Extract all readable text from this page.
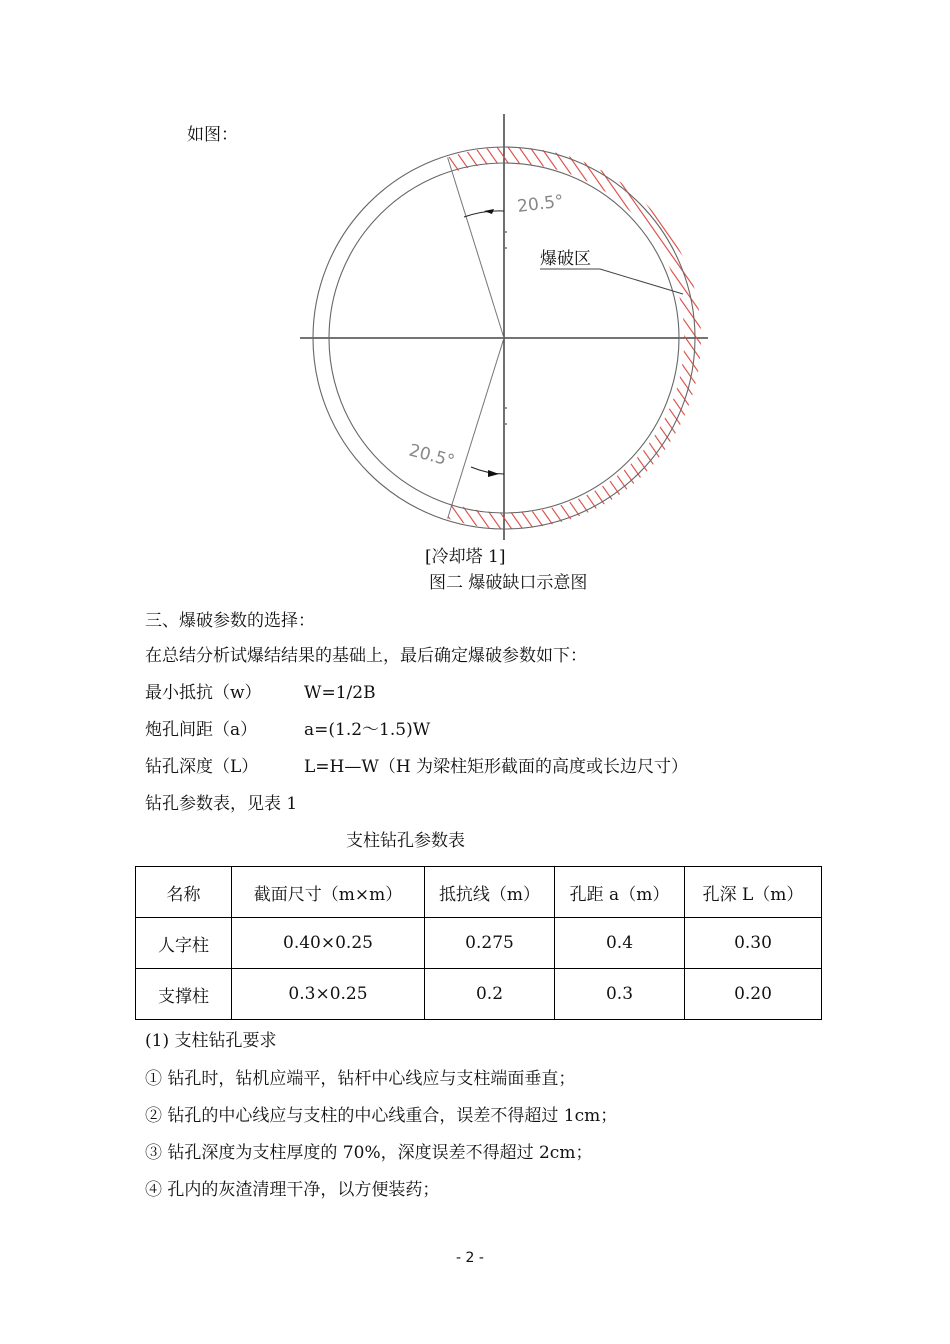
如图：
20.5°
20.5°
爆破区
[冷却塔 1]
图二 爆破缺口示意图
三、爆破参数的选择：
在总结分析试爆结结果的基础上，最后确定爆破参数如下：
最小抵抗（w） W=1/2B
炮孔间距（a）	a=(1.2～1.5)W
钻孔深度（L）	L=H—W（H 为梁柱矩形截面的高度或长边尺寸）
钻孔参数表，见表 1
支柱钻孔参数表
名称	截面尺寸（m×m）	抵抗线（m）	孔距 a（m）	孔深 L（m）
人字柱	0.40×0.25	0.275	0.4	0.30
支撑柱	0.3×0.25	0.2	0.3	0.20
(1) 支柱钻孔要求
① 钻孔时，钻机应端平，钻杆中心线应与支柱端面垂直；
② 钻孔的中心线应与支柱的中心线重合，误差不得超过 1cm；
③ 钻孔深度为支柱厚度的 70%，深度误差不得超过 2cm；
④ 孔内的灰渣清理干净，以方便装药；
- 2 -
